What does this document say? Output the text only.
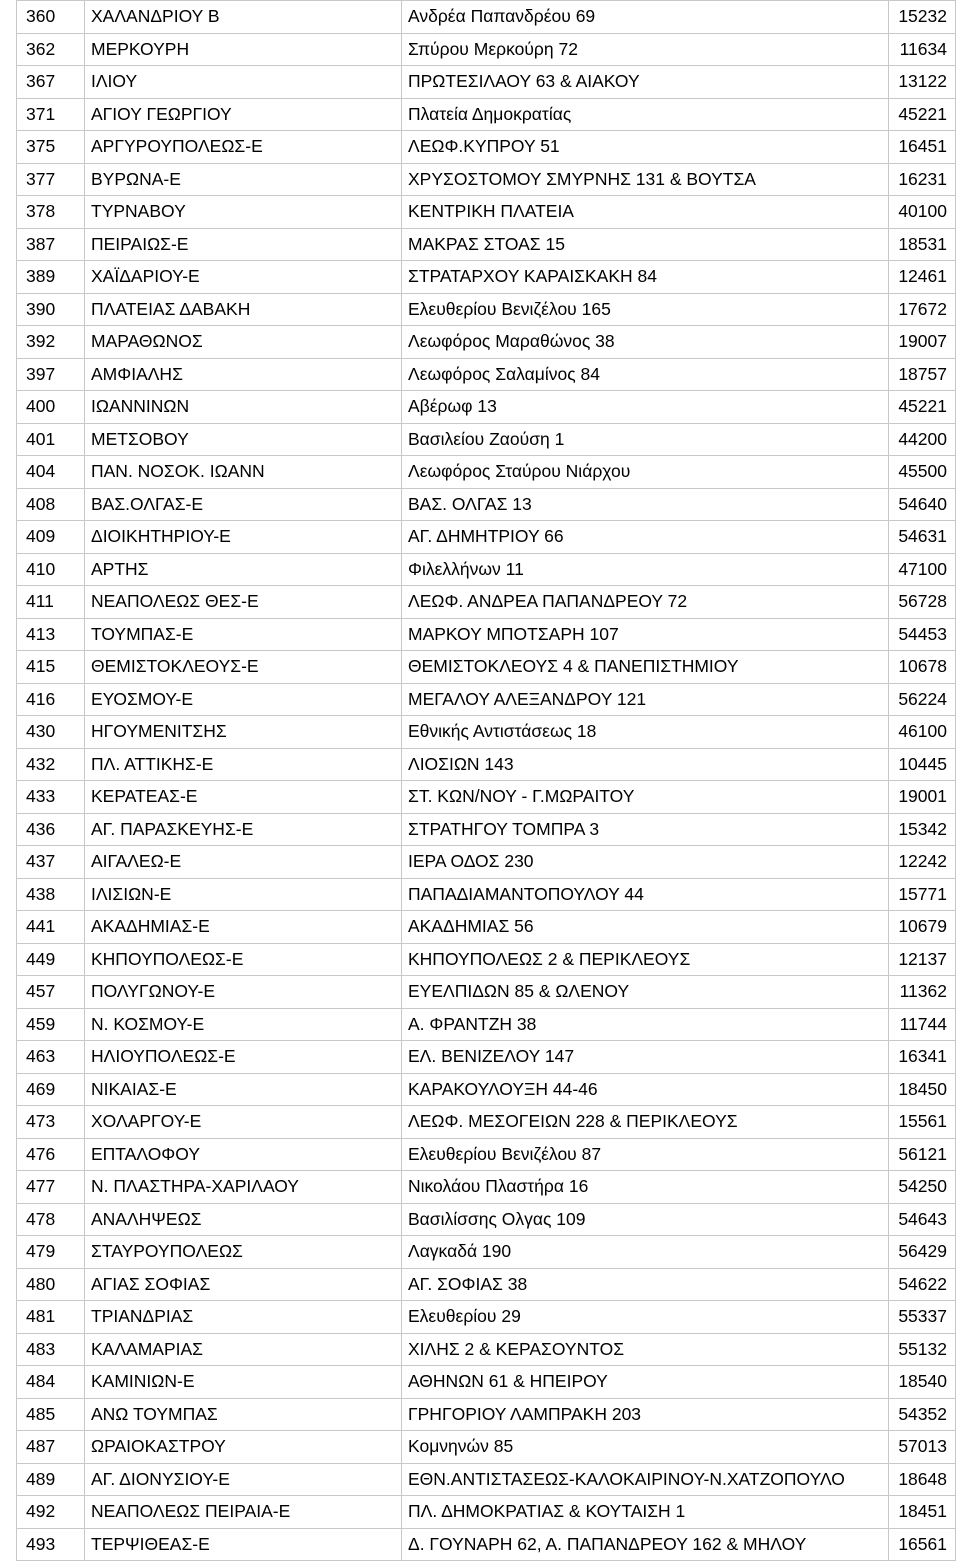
360	ΧΑΛΑΝΔΡΙΟΥ Β	Ανδρέα Παπανδρέου 69	15232
362	ΜΕΡΚΟΥΡΗ	Σπύρου Μερκούρη 72	11634
367	ΙΛΙΟΥ	ΠΡΩΤΕΣΙΛΑΟΥ 63 & ΑΙΑΚΟΥ	13122
371	ΑΓΙΟΥ ΓΕΩΡΓΙΟΥ	Πλατεία Δημοκρατίας	45221
375	ΑΡΓΥΡΟΥΠΟΛΕΩΣ-Ε	ΛΕΩΦ.ΚΥΠΡΟΥ 51	16451
377	ΒΥΡΩΝΑ-Ε	ΧΡΥΣΟΣΤΟΜΟΥ ΣΜΥΡΝΗΣ 131 & ΒΟΥΤΣΑ	16231
378	ΤΥΡΝΑΒΟΥ	ΚΕΝΤΡΙΚΗ ΠΛΑΤΕΙΑ	40100
387	ΠΕΙΡΑΙΩΣ-Ε	ΜΑΚΡΑΣ ΣΤΟΑΣ 15	18531
389	ΧΑΪΔΑΡΙΟΥ-Ε	ΣΤΡΑΤΑΡΧΟΥ ΚΑΡΑΙΣΚΑΚΗ 84	12461
390	ΠΛΑΤΕΙΑΣ ΔΑΒΑΚΗ	Ελευθερίου Βενιζέλου 165	17672
392	ΜΑΡΑΘΩΝΟΣ	Λεωφόρος Μαραθώνος 38	19007
397	ΑΜΦΙΑΛΗΣ	Λεωφόρος Σαλαμίνος 84	18757
400	ΙΩΑΝΝΙΝΩΝ	Αβέρωφ 13	45221
401	ΜΕΤΣΟΒΟΥ	Βασιλείου Ζαούση 1	44200
404	ΠΑΝ. ΝΟΣΟΚ. ΙΩΑΝΝ	Λεωφόρος Σταύρου Νιάρχου	45500
408	ΒΑΣ.ΟΛΓΑΣ-Ε	ΒΑΣ. ΟΛΓΑΣ 13	54640
409	ΔΙΟΙΚΗΤΗΡΙΟΥ-Ε	ΑΓ. ΔΗΜΗΤΡΙΟΥ 66	54631
410	ΑΡΤΗΣ	Φιλελλήνων 11	47100
411	ΝΕΑΠΟΛΕΩΣ ΘΕΣ-Ε	ΛΕΩΦ. ΑΝΔΡΕΑ ΠΑΠΑΝΔΡΕΟΥ 72	56728
413	ΤΟΥΜΠΑΣ-Ε	ΜΑΡΚΟΥ ΜΠΟΤΣΑΡΗ 107	54453
415	ΘΕΜΙΣΤΟΚΛΕΟΥΣ-Ε	ΘΕΜΙΣΤΟΚΛΕΟΥΣ 4 & ΠΑΝΕΠΙΣΤΗΜΙΟΥ	10678
416	ΕΥΟΣΜΟΥ-Ε	ΜΕΓΑΛΟΥ ΑΛΕΞΑΝΔΡΟΥ 121	56224
430	ΗΓΟΥΜΕΝΙΤΣΗΣ	Εθνικής Αντιστάσεως 18	46100
432	ΠΛ. ΑΤΤΙΚΗΣ-Ε	ΛΙΟΣΙΩΝ 143	10445
433	ΚΕΡΑΤΕΑΣ-Ε	ΣΤ. ΚΩΝ/ΝΟΥ - Γ.ΜΩΡΑΙΤΟΥ	19001
436	ΑΓ. ΠΑΡΑΣΚΕΥΗΣ-Ε	ΣΤΡΑΤΗΓΟΥ ΤΟΜΠΡΑ 3	15342
437	ΑΙΓΑΛΕΩ-Ε	ΙΕΡΑ ΟΔΟΣ 230	12242
438	ΙΛΙΣΙΩΝ-Ε	ΠΑΠΑΔΙΑΜΑΝΤΟΠΟΥΛΟΥ 44	15771
441	ΑΚΑΔΗΜΙΑΣ-Ε	ΑΚΑΔΗΜΙΑΣ 56	10679
449	ΚΗΠΟΥΠΟΛΕΩΣ-Ε	ΚΗΠΟΥΠΟΛΕΩΣ 2 & ΠΕΡΙΚΛΕΟΥΣ	12137
457	ΠΟΛΥΓΩΝΟΥ-Ε	ΕΥΕΛΠΙΔΩΝ 85 & ΩΛΕΝΟΥ	11362
459	Ν. ΚΟΣΜΟΥ-Ε	Α. ΦΡΑΝΤΖΗ 38	11744
463	ΗΛΙΟΥΠΟΛΕΩΣ-Ε	ΕΛ. ΒΕΝΙΖΕΛΟΥ 147	16341
469	ΝΙΚΑΙΑΣ-Ε	ΚΑΡΑΚΟΥΛΟΥΞΗ 44-46	18450
473	ΧΟΛΑΡΓΟΥ-Ε	ΛΕΩΦ. ΜΕΣΟΓΕΙΩΝ 228 & ΠΕΡΙΚΛΕΟΥΣ	15561
476	ΕΠΤΑΛΟΦΟΥ	Ελευθερίου Βενιζέλου 87	56121
477	Ν. ΠΛΑΣΤΗΡΑ-ΧΑΡΙΛΑΟΥ	Νικολάου Πλαστήρα 16	54250
478	ΑΝΑΛΗΨΕΩΣ	Βασιλίσσης Ολγας 109	54643
479	ΣΤΑΥΡΟΥΠΟΛΕΩΣ	Λαγκαδά 190	56429
480	ΑΓΙΑΣ ΣΟΦΙΑΣ	ΑΓ. ΣΟΦΙΑΣ 38	54622
481	ΤΡΙΑΝΔΡΙΑΣ	Ελευθερίου 29	55337
483	ΚΑΛΑΜΑΡΙΑΣ	ΧΙΛΗΣ 2 & ΚΕΡΑΣΟΥΝΤΟΣ	55132
484	ΚΑΜΙΝΙΩΝ-Ε	ΑΘΗΝΩΝ 61 & ΗΠΕΙΡΟΥ	18540
485	ΑΝΩ ΤΟΥΜΠΑΣ	ΓΡΗΓΟΡΙΟΥ ΛΑΜΠΡΑΚΗ 203	54352
487	ΩΡΑΙΟΚΑΣΤΡΟΥ	Κομνηνών 85	57013
489	ΑΓ. ΔΙΟΝΥΣΙΟΥ-Ε	ΕΘΝ.ΑΝΤΙΣΤΑΣΕΩΣ-ΚΑΛΟΚΑΙΡΙΝΟΥ-Ν.ΧΑΤΖΟΠΟΥΛΟ	18648
492	ΝΕΑΠΟΛΕΩΣ ΠΕΙΡΑΙΑ-Ε	ΠΛ. ΔΗΜΟΚΡΑΤΙΑΣ & ΚΟΥΤΑΙΣΗ 1	18451
493	ΤΕΡΨΙΘΕΑΣ-Ε	Δ. ΓΟΥΝΑΡΗ 62, Α. ΠΑΠΑΝΔΡΕΟΥ 162 & ΜΗΛΟΥ	16561
